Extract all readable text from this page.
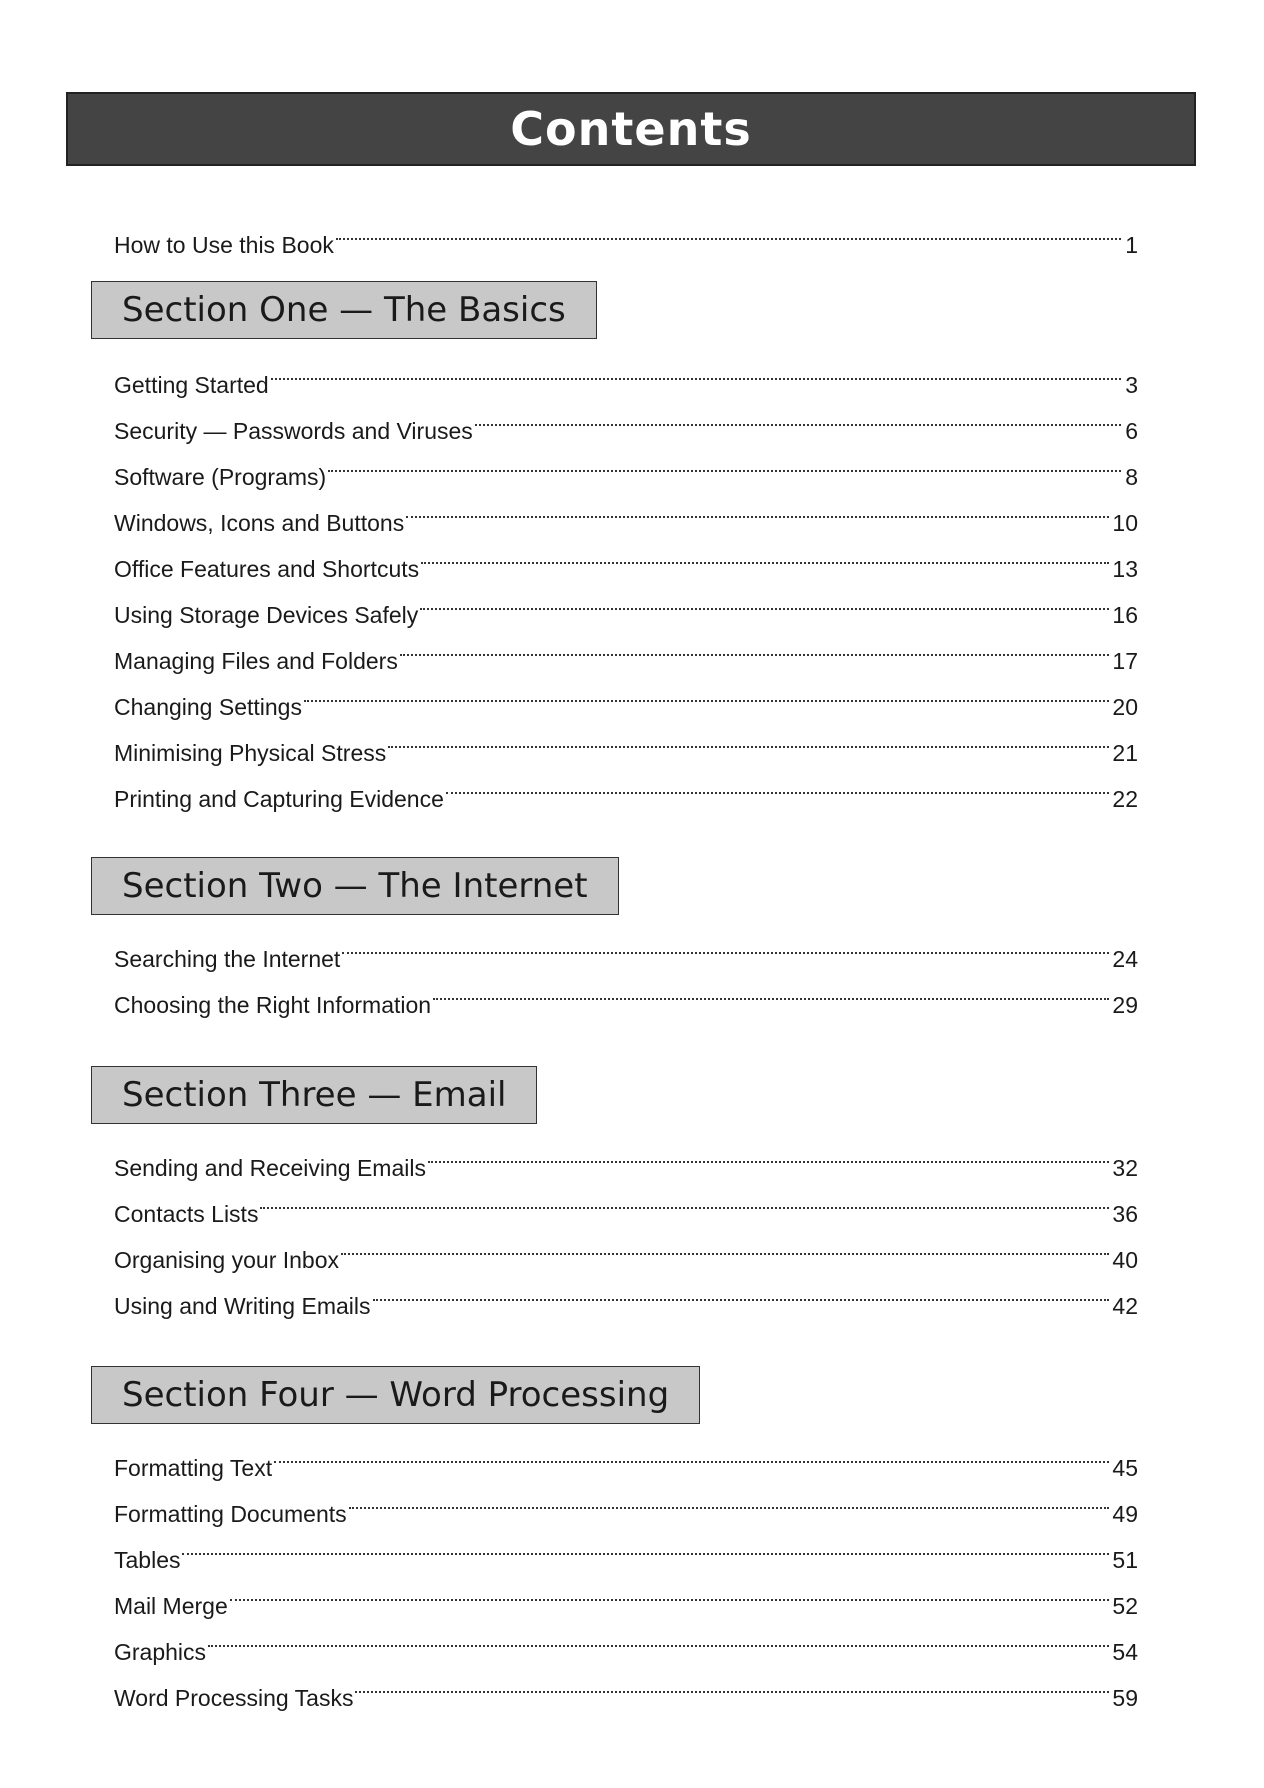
Contents
How to Use this Book	1
Section One — The Basics
Getting Started	3
Security — Passwords and Viruses	6
Software (Programs)	8
Windows, Icons and Buttons	10
Office Features and Shortcuts	13
Using Storage Devices Safely	16
Managing Files and Folders	17
Changing Settings	20
Minimising Physical Stress	21
Printing and Capturing Evidence	22
Section Two — The Internet
Searching the Internet	24
Choosing the Right Information	29
Section Three — Email
Sending and Receiving Emails	32
Contacts Lists	36
Organising your Inbox	40
Using and Writing Emails	42
Section Four — Word Processing
Formatting Text	45
Formatting Documents	49
Tables	51
Mail Merge	52
Graphics	54
Word Processing Tasks	59
